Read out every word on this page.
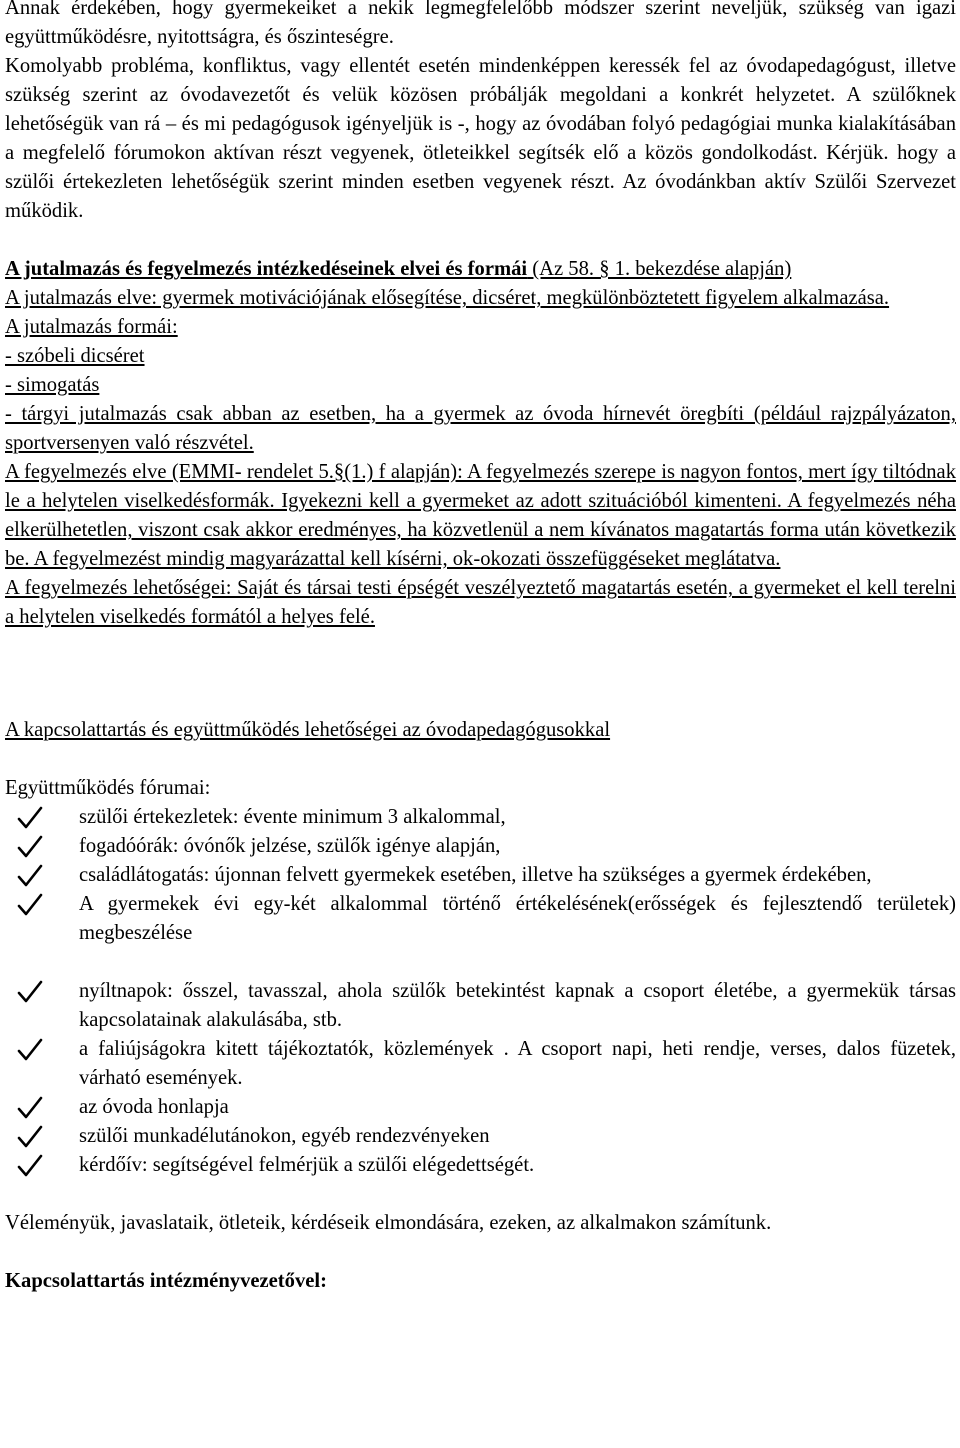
Annak érdekében, hogy gyermekeiket a nekik legmegfelelőbb módszer szerint neveljük, szükség van igazi együttműködésre, nyitottságra, és őszinteségre.

Komolyabb probléma, konfliktus, vagy ellentét esetén mindenképpen keressék fel az óvodapedagógust, illetve szükség szerint az óvodavezetőt és velük közösen próbálják megoldani a konkrét helyzetet. A szülőknek lehetőségük van rá – és mi pedagógusok igényeljük is -, hogy az óvodában folyó pedagógiai munka kialakításában a megfelelő fórumokon aktívan részt vegyenek, ötleteikkel segítsék elő a közös gondolkodást. Kérjük. hogy a szülői értekezleten lehetőségük szerint minden esetben vegyenek részt. Az óvodánkban aktív Szülői Szervezet működik.

A jutalmazás és fegyelmezés intézkedéseinek elvei és formái (Az 58. § 1. bekezdése alapján)

A jutalmazás elve: gyermek motivációjának elősegítése, dicséret, megkülönböztetett figyelem alkalmazása.

A jutalmazás formái:

- szóbeli dicséret

- simogatás

- tárgyi jutalmazás csak abban az esetben, ha a gyermek az óvoda hírnevét öregbíti (például rajzpályázaton, sportversenyen való részvétel.

A fegyelmezés elve (EMMI- rendelet 5.§(1.) f alapján): A fegyelmezés szerepe is nagyon fontos, mert így tiltódnak le a helytelen viselkedésformák. Igyekezni kell a gyermeket az adott szituációból kimenteni. A fegyelmezés néha elkerülhetetlen, viszont csak akkor eredményes, ha közvetlenül a nem kívánatos magatartás forma után következik be. A fegyelmezést mindig magyarázattal kell kísérni, ok-okozati összefüggéseket meglátatva.

A fegyelmezés lehetőségei: Saját és társai testi épségét veszélyeztető magatartás esetén, a gyermeket el kell terelni a helytelen viselkedés formától a helyes felé.

A kapcsolattartás és együttműködés lehetőségei az óvodapedagógusokkal

Együttműködés fórumai:

szülői értekezletek: évente minimum 3 alkalommal,
fogadóórák: óvónők jelzése, szülők igénye alapján,
családlátogatás: újonnan felvett gyermekek esetében, illetve ha szükséges a gyermek érdekében,
A gyermekek évi egy-két alkalommal történő értékelésének(erősségek és fejlesztendő területek) megbeszélése
nyíltnapok: ősszel, tavasszal, ahola szülők betekintést kapnak a csoport életébe, a gyermekük társas kapcsolatainak alakulásába, stb.
a faliújságokra kitett tájékoztatók, közlemények . A csoport napi, heti rendje, verses, dalos füzetek, várható események.
az óvoda honlapja
szülői munkadélutánokon, egyéb rendezvényeken
kérdőív: segítségével felmérjük a szülői elégedettségét.

Véleményük, javaslataik, ötleteik, kérdéseik elmondására, ezeken, az alkalmakon számítunk.

Kapcsolattartás intézményvezetővel:
